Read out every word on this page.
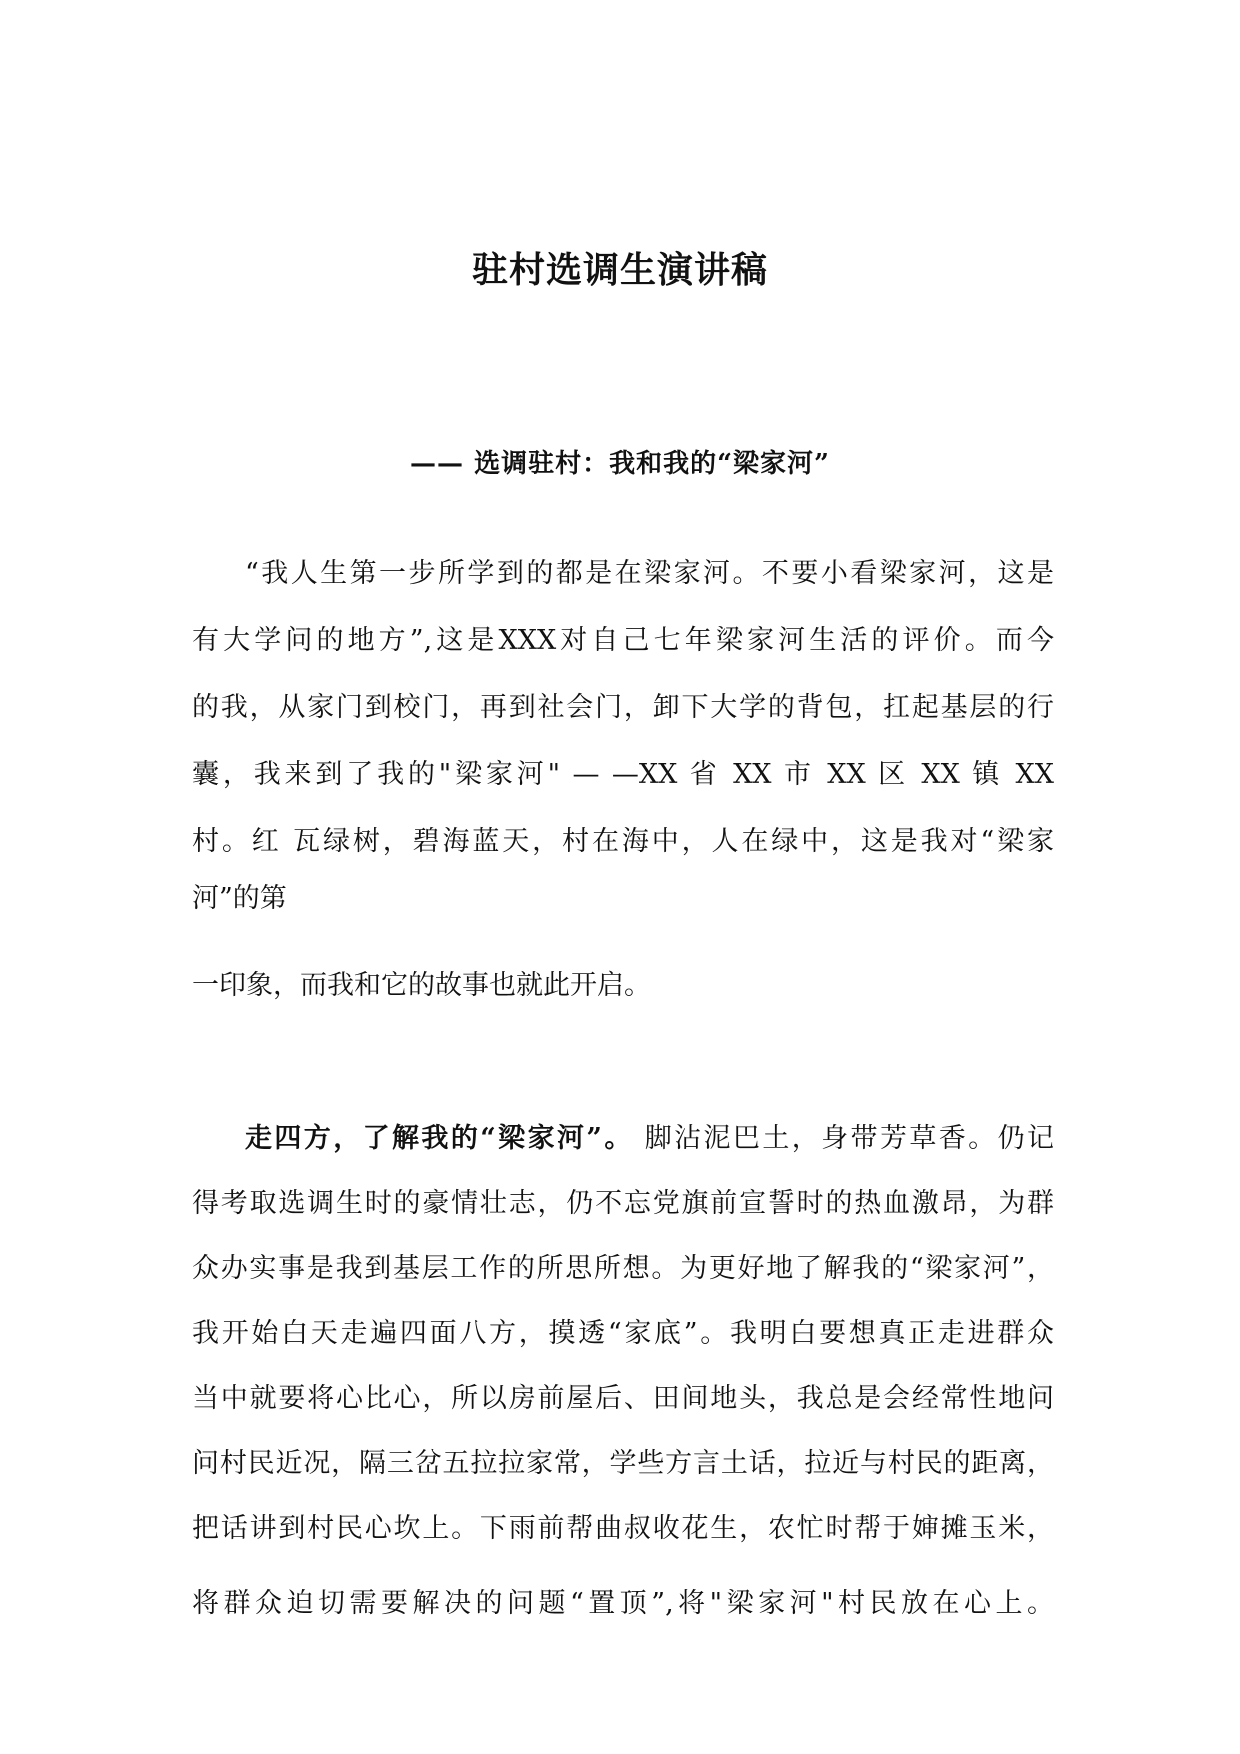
驻村选调生演讲稿
—— 选调驻村：我和我的“梁家河”
“我人生第一步所学到的都是在梁家河。不要小看梁家河，这是
有大学问的地方”,这是XXX对自己七年梁家河生活的评价。而今
的我，从家门到校门，再到社会门，卸下大学的背包，扛起基层的行
囊，我来到了我的"梁家河" — —XX 省 XX 市 XX 区 XX 镇 XX
村。红 瓦绿树，碧海蓝天，村在海中，人在绿中，这是我对“梁家
河”的第
一印象，而我和它的故事也就此开启。
走四方，了解我的“梁家河”。 脚沾泥巴土，身带芳草香。仍记
得考取选调生时的豪情壮志，仍不忘党旗前宣誓时的热血激昂，为群
众办实事是我到基层工作的所思所想。为更好地了解我的“梁家河”，
我开始白天走遍四面八方，摸透“家底”。我明白要想真正走进群众
当中就要将心比心，所以房前屋后、田间地头，我总是会经常性地问
问村民近况，隔三岔五拉拉家常，学些方言土话，拉近与村民的距离，
把话讲到村民心坎上。下雨前帮曲叔收花生，农忙时帮于婶摊玉米，
将群众迫切需要解决的问题“置顶”,将"梁家河"村民放在心上。
